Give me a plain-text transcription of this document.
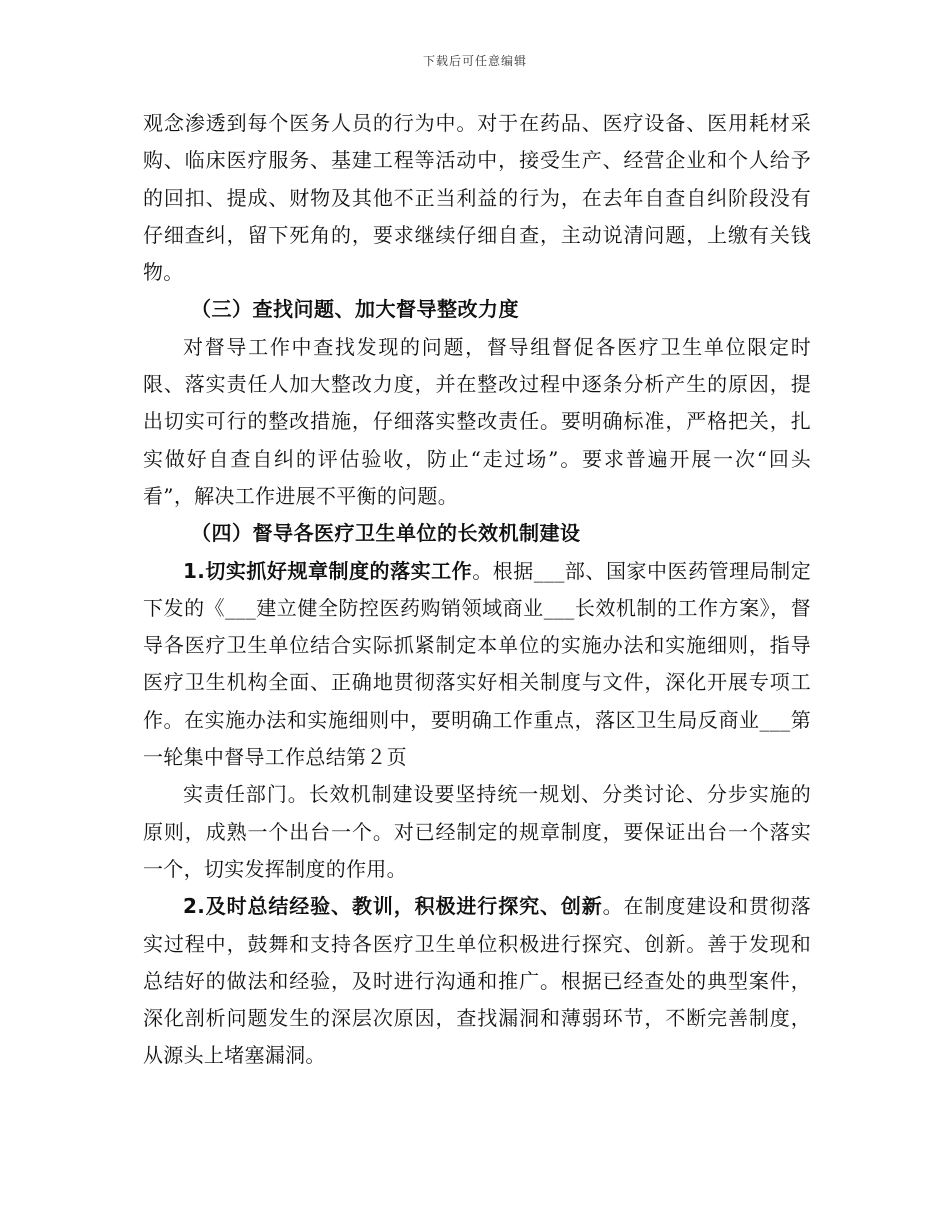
下载后可任意编辑

观念渗透到每个医务人员的行为中。对于在药品、医疗设备、医用耗材采购、临床医疗服务、基建工程等活动中，接受生产、经营企业和个人给予的回扣、提成、财物及其他不正当利益的行为，在去年自查自纠阶段没有仔细查纠，留下死角的，要求继续仔细自查，主动说清问题，上缴有关钱物。

（三）查找问题、加大督导整改力度

对督导工作中查找发现的问题，督导组督促各医疗卫生单位限定时限、落实责任人加大整改力度，并在整改过程中逐条分析产生的原因，提出切实可行的整改措施，仔细落实整改责任。要明确标准，严格把关，扎实做好自查自纠的评估验收，防止“走过场”。要求普遍开展一次“回头看”，解决工作进展不平衡的问题。

（四）督导各医疗卫生单位的长效机制建设

1.切实抓好规章制度的落实工作。根据___部、国家中医药管理局制定下发的《___建立健全防控医药购销领域商业___长效机制的工作方案》，督导各医疗卫生单位结合实际抓紧制定本单位的实施办法和实施细则，指导医疗卫生机构全面、正确地贯彻落实好相关制度与文件，深化开展专项工作。在实施办法和实施细则中，要明确工作重点，落区卫生局反商业___第一轮集中督导工作总结第２页

实责任部门。长效机制建设要坚持统一规划、分类讨论、分步实施的原则，成熟一个出台一个。对已经制定的规章制度，要保证出台一个落实一个，切实发挥制度的作用。

2.及时总结经验、教训，积极进行探究、创新。在制度建设和贯彻落实过程中，鼓舞和支持各医疗卫生单位积极进行探究、创新。善于发现和总结好的做法和经验，及时进行沟通和推广。根据已经查处的典型案件，深化剖析问题发生的深层次原因，查找漏洞和薄弱环节，不断完善制度，从源头上堵塞漏洞。
